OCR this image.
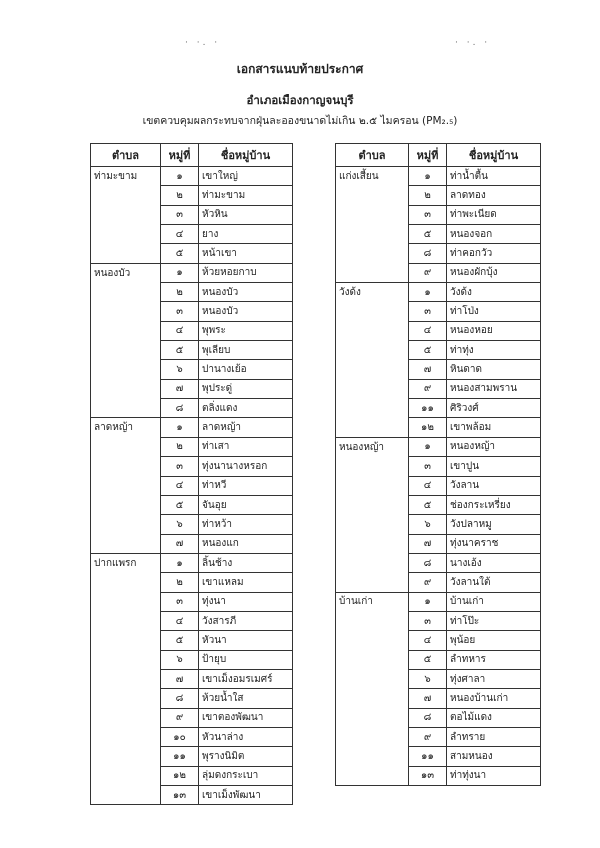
· ·. ·	· ·. ·
เอกสารแนบท้ายประกาศ
อำเภอเมืองกาญจนบุรี
เขตควบคุมผลกระทบจากฝุ่นละอองขนาดไม่เกิน ๒.๕ ไมครอน (PM₂.₅)
ตำบล	หมู่ที่	ชื่อหมู่บ้าน
ท่ามะขาม	๑	เขาใหญ่
	๒	ท่ามะขาม
	๓	หัวหิน
	๔	ยาง
	๕	หน้าเขา
หนองบัว	๑	ห้วยหอยกาบ
	๒	หนองบัว
	๓	หนองบัว
	๔	พุพระ
	๕	พุเลียบ
	๖	ปานางเย้อ
	๗	พุประดู่
	๘	ตลิ่งแดง
ลาดหญ้า	๑	ลาดหญ้า
	๒	ท่าเสา
	๓	ทุ่งนานางหรอก
	๔	ท่าหวี
	๕	จันอุย
	๖	ท่าหว้า
	๗	หนองแก
ปากแพรก	๑	ลิ้นช้าง
	๒	เขาแหลม
	๓	ทุ่งนา
	๔	วังสารภี
	๕	หัวนา
	๖	ป้ายุบ
	๗	เขาเม็งอมรเมศร์
	๘	ห้วยน้ำใส
	๙	เขาตองพัฒนา
	๑๐	หัวนาล่าง
	๑๑	พุรางนิมิต
	๑๒	ลุ่มดงกระเบา
	๑๓	เขาเม็งพัฒนา
ตำบล	หมู่ที่	ชื่อหมู่บ้าน
แก่งเสี้ยน	๑	ท่าน้ำตื้น
	๒	ลาดทอง
	๓	ท่าพะเนียด
	๕	หนองจอก
	๘	ท่าคอกวัว
	๙	หนองผักบุ้ง
วังด้ง	๑	วังด้ง
	๓	ท่าโป่ง
	๔	หนองหอย
	๕	ท่าทุ่ง
	๗	หินดาด
	๙	หนองสามพราน
	๑๑	ศิริวงศ์
	๑๒	เขาพล้อม
หนองหญ้า	๑	หนองหญ้า
	๓	เขาปูน
	๔	วังลาน
	๕	ช่องกระเหรี่ยง
	๖	วังปลาหมู
	๗	ทุ่งนาคราช
	๘	นางเอ้ง
	๙	วังลานใต้
บ้านเก่า	๑	บ้านเก่า
	๓	ท่าโป๊ะ
	๔	พุน้อย
	๕	ลำทหาร
	๖	ทุ่งศาลา
	๗	หนองบ้านเก่า
	๘	ตอไม้แดง
	๙	ลำทราย
	๑๑	สามหนอง
	๑๓	ท่าทุ่งนา
